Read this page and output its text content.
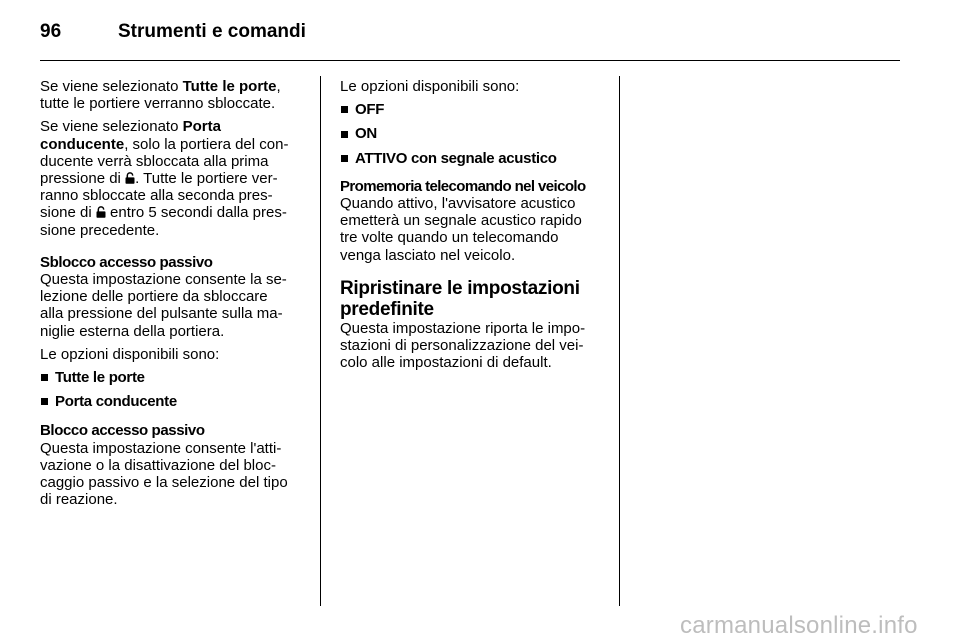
96	Strumenti e comandi

Se viene selezionato Tutte le porte,
tutte le portiere verranno sbloccate.

Se viene selezionato Porta
conducente, solo la portiera del con-
ducente verrà sbloccata alla prima
pressione di
. Tutte le portiere ver-
ranno sbloccate alla seconda pres-
sione di
entro 5 secondi dalla pres-
sione precedente.

Sblocco accesso passivo
Questa impostazione consente la se-
lezione delle portiere da sbloccare
alla pressione del pulsante sulla ma-
niglie esterna della portiera.

Le opzioni disponibili sono:

Tutte le porte
Porta conducente

Blocco accesso passivo
Questa impostazione consente l'atti-
vazione o la disattivazione del bloc-
caggio passivo e la selezione del tipo
di reazione.

Le opzioni disponibili sono:

OFF
ON
ATTIVO con segnale acustico

Promemoria telecomando nel veicolo
Quando attivo, l'avvisatore acustico
emetterà un segnale acustico rapido
tre volte quando un telecomando
venga lasciato nel veicolo.

Ripristinare le impostazioni
predefinite

Questa impostazione riporta le impo-
stazioni di personalizzazione del vei-
colo alle impostazioni di default.

carmanualsonline.info
